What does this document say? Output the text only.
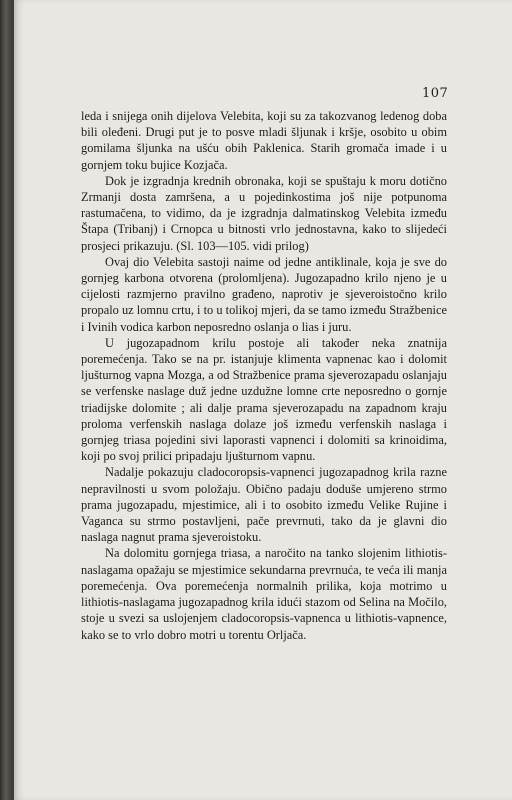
107

leda i snijega onih dijelova Velebita, koji su za takozvanog ledenog doba bili oleđeni. Drugi put je to posve mladi šljunak i kršje, osobito u obim gomilama šljunka na ušću obih Paklenica. Starih gromača imade i u gornjem toku bujice Kozjača.

Dok je izgradnja krednih obronaka, koji se spuštaju k moru dotično Zrmanji dosta zamršena, a u pojedinkostima još nije potpunoma rastumačena, to vidimo, da je izgradnja dalmatinskog Velebita između Štapa (Tribanj) i Crnopca u bitnosti vrlo jednostavna, kako to slijedeći prosjeci prikazuju. (Sl. 103—105. vidi prilog)

Ovaj dio Velebita sastoji naime od jedne antiklinale, koja je sve do gornjeg karbona otvorena (prolomljena). Jugozapadno krilo njeno je u cijelosti razmjerno pravilno građeno, naprotiv je sjeveroistočno krilo propalo uz lomnu crtu, i to u tolikoj mjeri, da se tamo između Stražbenice i Ivinih vodica karbon neposredno oslanja o lias i juru.

U jugozapadnom krilu postoje ali također neka znatnija poremećenja. Tako se na pr. istanjuje klimenta vapnenac kao i dolomit ljušturnog vapna Mozga, a od Stražbenice prama sjeverozapadu oslanjaju se verfenske naslage duž jedne uzdužne lomne crte neposredno o gornje triadijske dolomite ; ali dalje prama sjeverozapadu na zapadnom kraju proloma verfenskih naslaga dolaze još između verfenskih naslaga i gornjeg triasa pojedini sivi laporasti vapnenci i dolomiti sa krinoidima, koji po svoj prilici pripadaju ljušturnom vapnu.

Nadalje pokazuju cladocoropsis-vapnenci jugozapadnog krila razne nepravilnosti u svom položaju. Obično padaju doduše umjereno strmo prama jugozapadu, mjestimice, ali i to osobito između Velike Rujine i Vaganca su strmo postavljeni, pače prevrnuti, tako da je glavni dio naslaga nagnut prama sjeveroistoku.

Na dolomitu gornjega triasa, a naročito na tanko slojenim lithiotis-naslagama opažaju se mjestimice sekundarna prevrnuća, te veća ili manja poremećenja. Ova poremećenja normalnih prilika, koja motrimo u lithiotis-naslagama jugozapadnog krila idući stazom od Selina na Močilo, stoje u svezi sa uslojenjem cladocoropsis-vapnenca u lithiotis-vapnence, kako se to vrlo dobro motri u torentu Orljača.
